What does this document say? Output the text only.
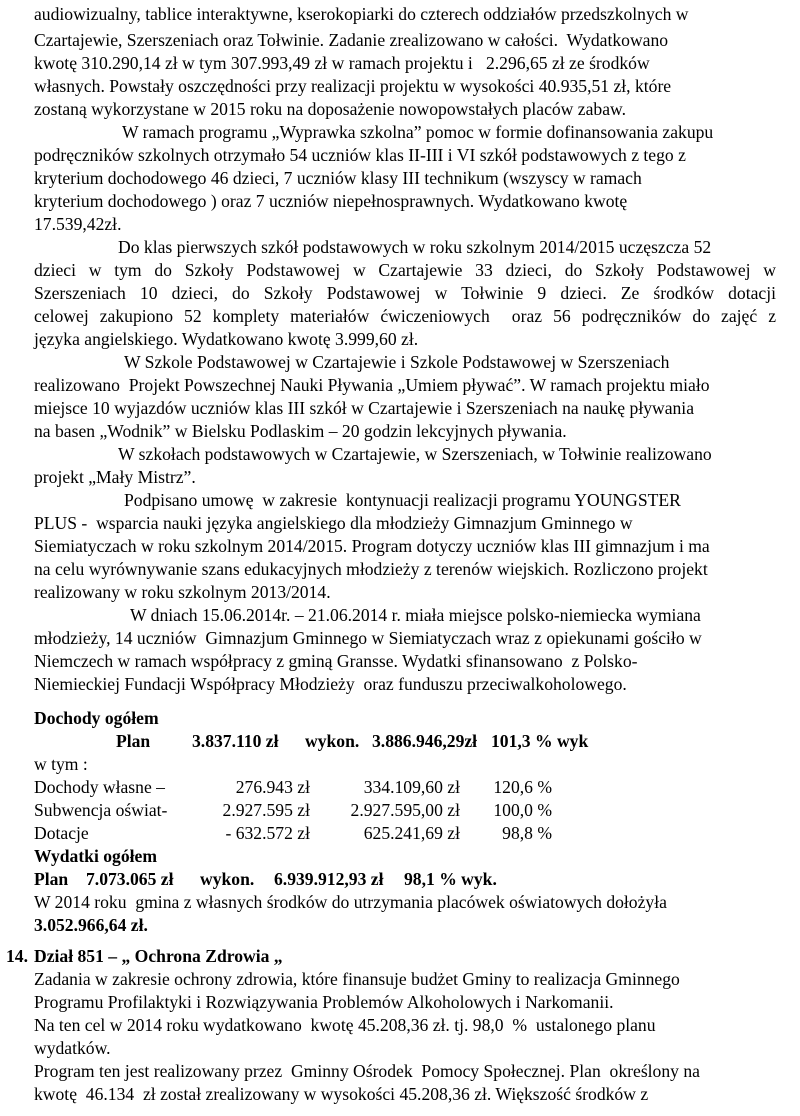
audiowizualny, tablice interaktywne, kserokopiarki do czterech oddziałów przedszkolnych w
Czartajewie, Szerszeniach oraz Tołwinie. Zadanie zrealizowano w całości.  Wydatkowano
kwotę 310.290,14 zł w tym 307.993,49 zł w ramach projektu i   2.296,65 zł ze środków
własnych. Powstały oszczędności przy realizacji projektu w wysokości 40.935,51 zł, które
zostaną wykorzystane w 2015 roku na doposażenie nowopowstałych placów zabaw.
W ramach programu „Wyprawka szkolna” pomoc w formie dofinansowania zakupu
podręczników szkolnych otrzymało 54 uczniów klas II-III i VI szkół podstawowych z tego z
kryterium dochodowego 46 dzieci, 7 uczniów klasy III technikum (wszyscy w ramach
kryterium dochodowego ) oraz 7 uczniów niepełnosprawnych. Wydatkowano kwotę
17.539,42zł.
Do klas pierwszych szkół podstawowych w roku szkolnym 2014/2015 uczęszcza 52
dzieci w tym do Szkoły Podstawowej w Czartajewie 33 dzieci, do Szkoły Podstawowej w
Szerszeniach 10 dzieci, do Szkoły Podstawowej w Tołwinie 9 dzieci. Ze środków dotacji
celowej zakupiono 52 komplety materiałów ćwiczeniowych  oraz 56 podręczników do zajęć z
języka angielskiego. Wydatkowano kwotę 3.999,60 zł.
W Szkole Podstawowej w Czartajewie i Szkole Podstawowej w Szerszeniach
realizowano  Projekt Powszechnej Nauki Pływania „Umiem pływać”. W ramach projektu miało
miejsce 10 wyjazdów uczniów klas III szkół w Czartajewie i Szerszeniach na naukę pływania
na basen „Wodnik” w Bielsku Podlaskim – 20 godzin lekcyjnych pływania.
W szkołach podstawowych w Czartajewie, w Szerszeniach, w Tołwinie realizowano
projekt „Mały Mistrz”.
Podpisano umowę  w zakresie  kontynuacji realizacji programu YOUNGSTER
PLUS -  wsparcia nauki języka angielskiego dla młodzieży Gimnazjum Gminnego w
Siemiatyczach w roku szkolnym 2014/2015. Program dotyczy uczniów klas III gimnazjum i ma
na celu wyrównywanie szans edukacyjnych młodzieży z terenów wiejskich. Rozliczono projekt
realizowany w roku szkolnym 2013/2014.
W dniach 15.06.2014r. – 21.06.2014 r. miała miejsce polsko-niemiecka wymiana
młodzieży, 14 uczniów  Gimnazjum Gminnego w Siemiatyczach wraz z opiekunami gościło w
Niemczech w ramach współpracy z gminą Gransse. Wydatki sfinansowano  z Polsko-
Niemieckiej Fundacji Współpracy Młodzieży  oraz funduszu przeciwalkoholowego.
Dochody ogółem
Plan 3.837.110 zł wykon. 3.886.946,29zł 101,3 % wyk
w tym :
Dochody własne –	276.943 zł	334.109,60 zł	120,6 %
Subwencja oświat-	2.927.595 zł	2.927.595,00 zł	100,0 %
Dotacje	- 632.572 zł	625.241,69 zł	98,8 %
Wydatki ogółem
Plan 7.073.065 zł wykon. 6.939.912,93 zł 98,1 % wyk.
W 2014 roku  gmina z własnych środków do utrzymania placówek oświatowych dołożyła
3.052.966,64 zł.
14. Dział 851 – „ Ochrona Zdrowia „
Zadania w zakresie ochrony zdrowia, które finansuje budżet Gminy to realizacja Gminnego
Programu Profilaktyki i Rozwiązywania Problemów Alkoholowych i Narkomanii.
Na ten cel w 2014 roku wydatkowano  kwotę 45.208,36 zł. tj. 98,0  %  ustalonego planu
wydatków.
Program ten jest realizowany przez  Gminny Ośrodek  Pomocy Społecznej. Plan  określony na
kwotę  46.134  zł został zrealizowany w wysokości 45.208,36 zł. Większość środków z
